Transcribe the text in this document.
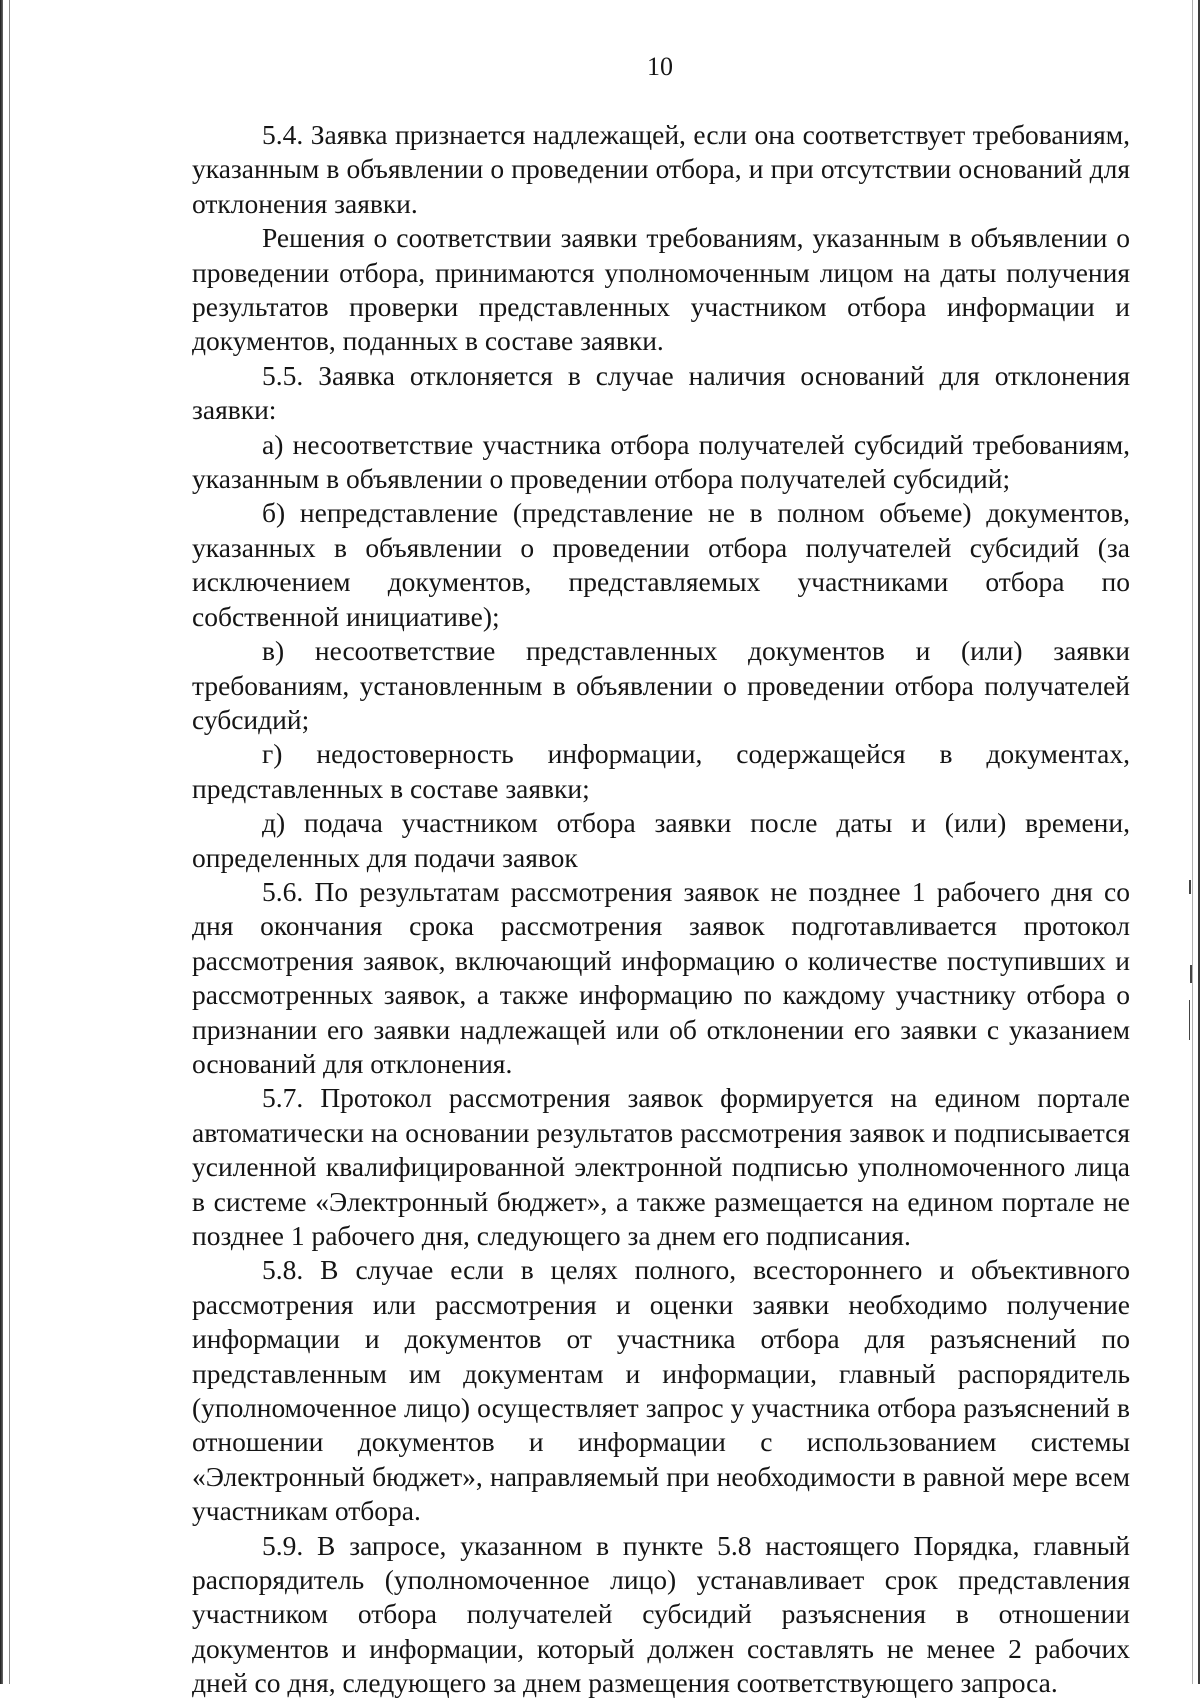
10

5.4. Заявка признается надлежащей, если она соответствует требованиям, указанным в объявлении о проведении отбора, и при отсутствии оснований для отклонения заявки.

Решения о соответствии заявки требованиям, указанным в объявлении о проведении отбора, принимаются уполномоченным лицом на даты получения результатов проверки представленных участником отбора информации и документов, поданных в составе заявки.

5.5. Заявка отклоняется в случае наличия оснований для отклонения заявки:

а) несоответствие участника отбора получателей субсидий требованиям, указанным в объявлении о проведении отбора получателей субсидий;

б) непредставление (представление не в полном объеме) документов, указанных в объявлении о проведении отбора получателей субсидий (за исключением документов, представляемых участниками отбора по собственной инициативе);

в) несоответствие представленных документов и (или) заявки требованиям, установленным в объявлении о проведении отбора получателей субсидий;

г) недостоверность информации, содержащейся в документах, представленных в составе заявки;

д) подача участником отбора заявки после даты и (или) времени, определенных для подачи заявок

5.6. По результатам рассмотрения заявок не позднее 1 рабочего дня со дня окончания срока рассмотрения заявок подготавливается протокол рассмотрения заявок, включающий информацию о количестве поступивших и рассмотренных заявок, а также информацию по каждому участнику отбора о признании его заявки надлежащей или об отклонении его заявки с указанием оснований для отклонения.

5.7. Протокол рассмотрения заявок формируется на едином портале автоматически на основании результатов рассмотрения заявок и подписывается усиленной квалифицированной электронной подписью уполномоченного лица в системе «Электронный бюджет», а также размещается на едином портале не позднее 1 рабочего дня, следующего за днем его подписания.

5.8. В случае если в целях полного, всестороннего и объективного рассмотрения или рассмотрения и оценки заявки необходимо получение информации и документов от участника отбора для разъяснений по представленным им документам и информации, главный распорядитель (уполномоченное лицо) осуществляет запрос у участника отбора разъяснений в отношении документов и информации с использованием системы «Электронный бюджет», направляемый при необходимости в равной мере всем участникам отбора.

5.9. В запросе, указанном в пункте 5.8 настоящего Порядка, главный распорядитель (уполномоченное лицо) устанавливает срок представления участником отбора получателей субсидий разъяснения в отношении документов и информации, который должен составлять не менее 2 рабочих дней со дня, следующего за днем размещения соответствующего запроса.
